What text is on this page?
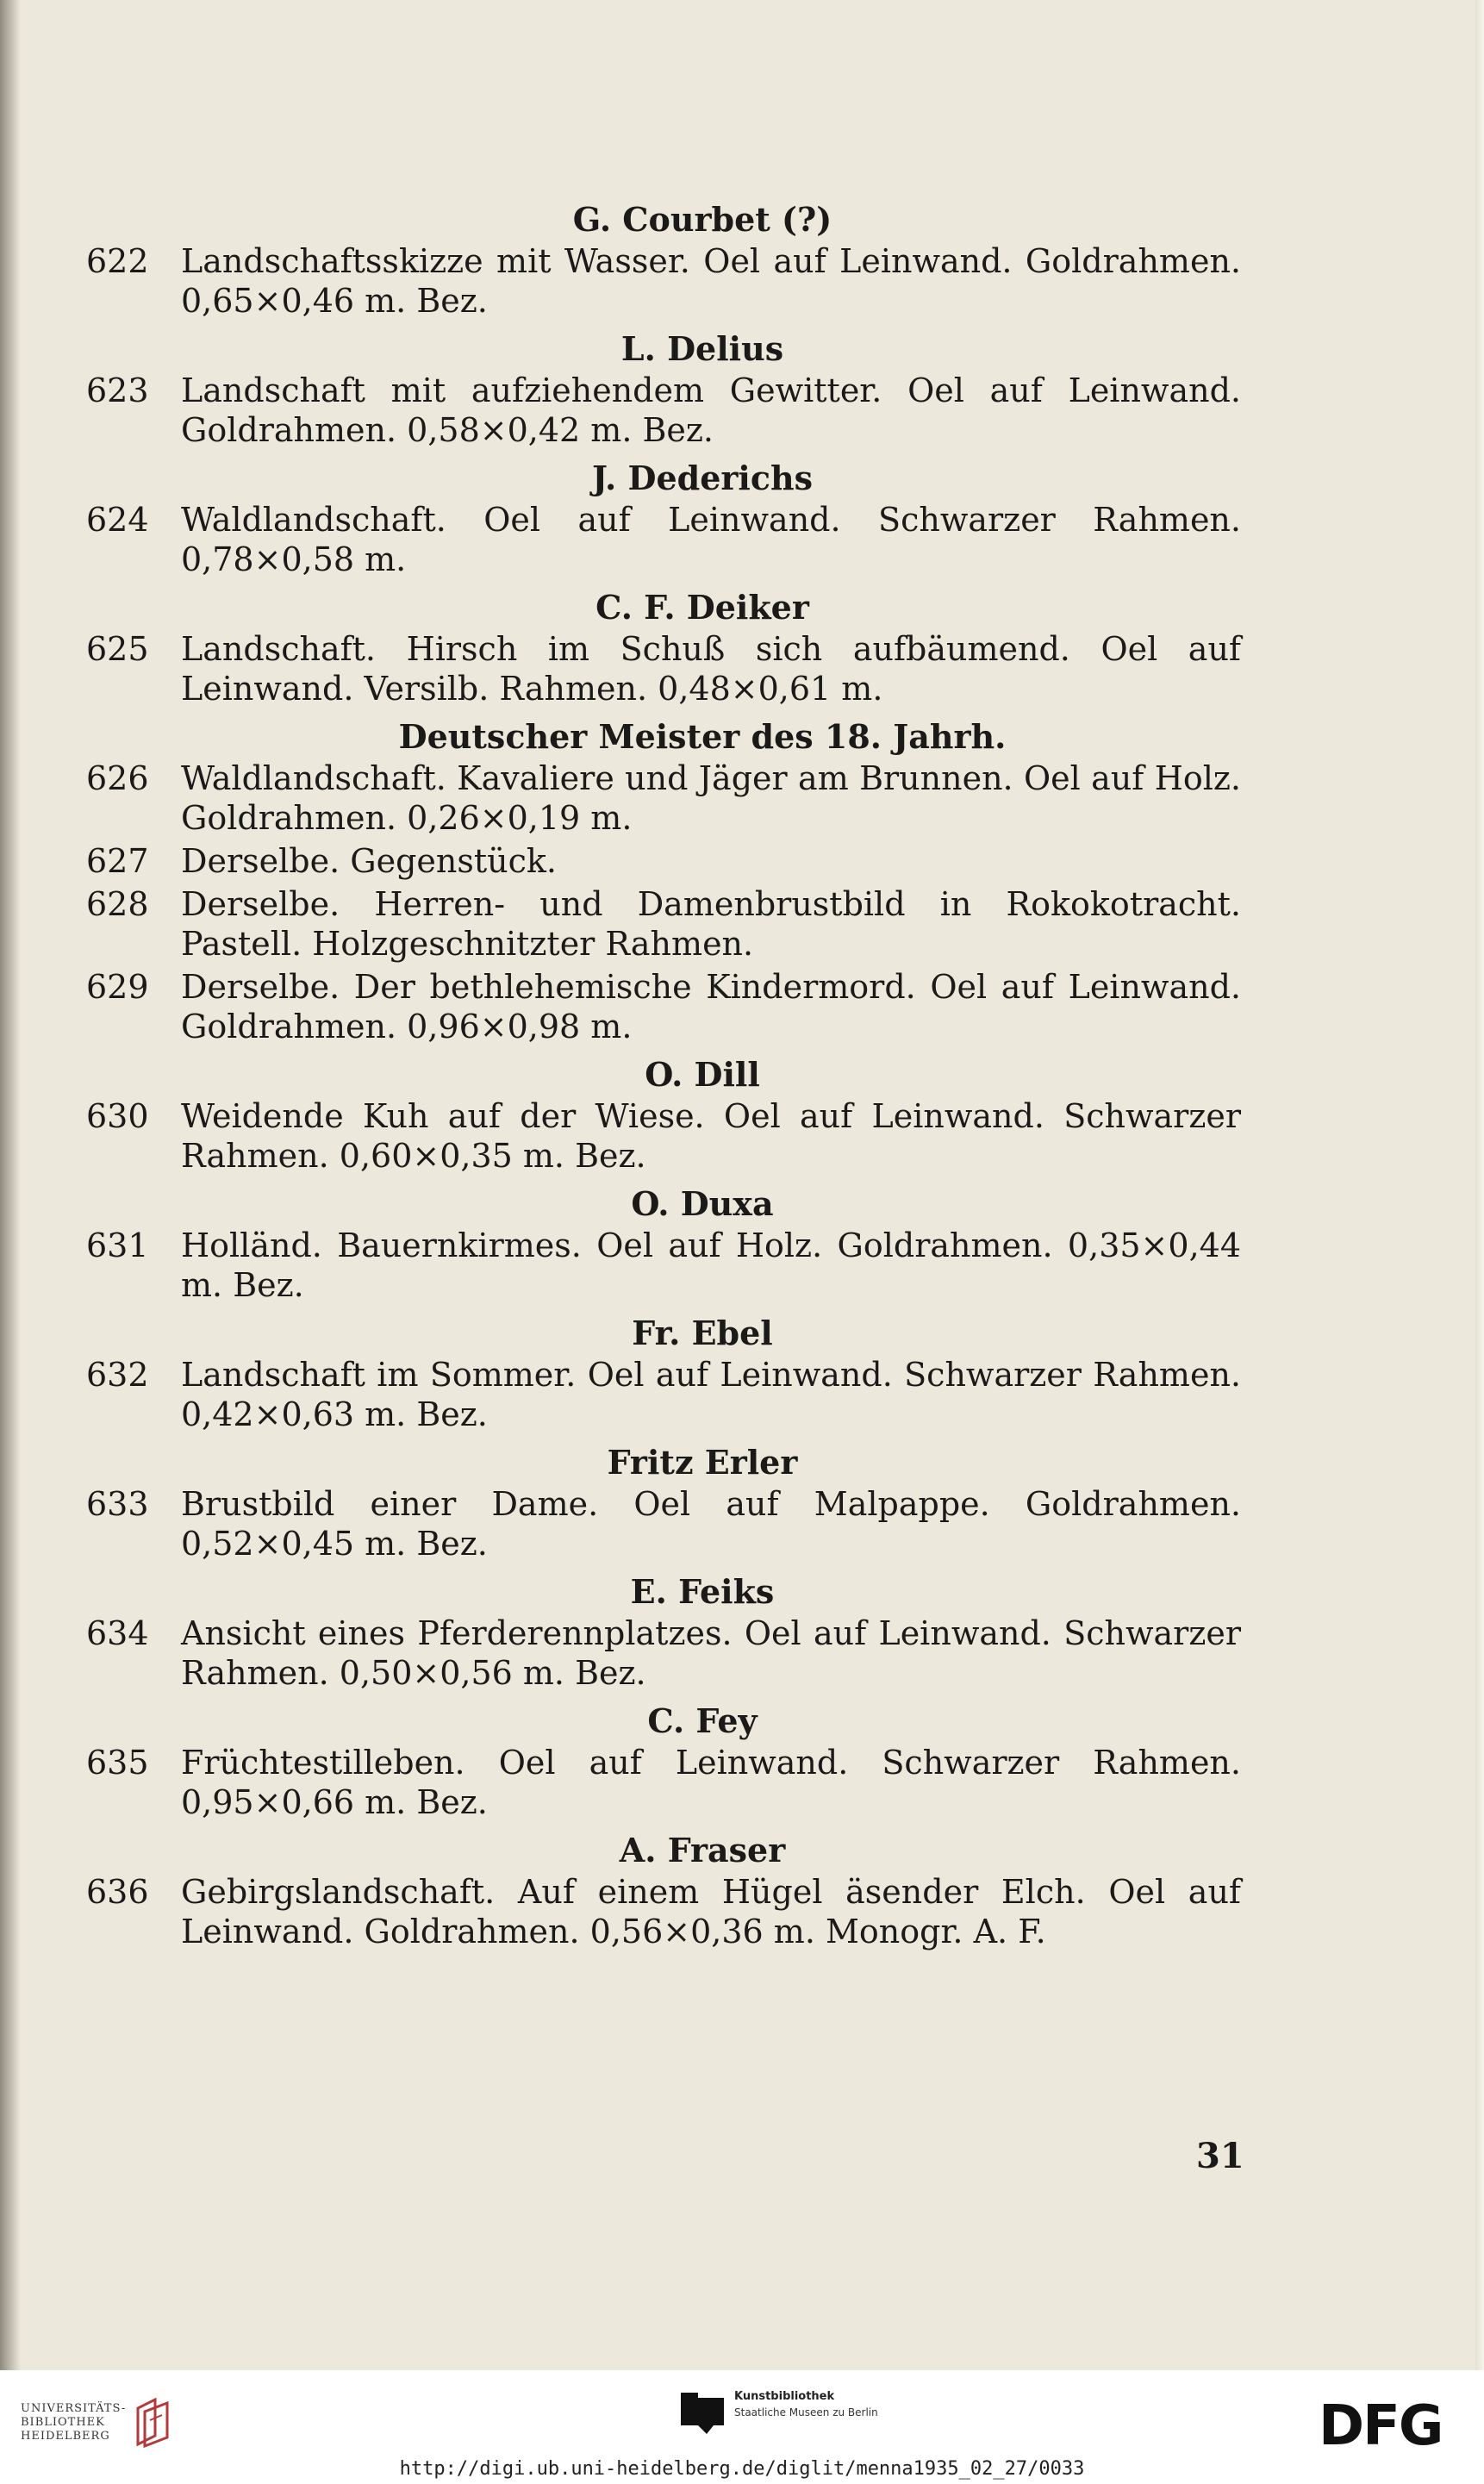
G. Courbet (?)
622 Landschaftsskizze mit Wasser. Oel auf Leinwand. Goldrahmen. 0,65×0,46 m. Bez.
L. Delius
623 Landschaft mit aufziehendem Gewitter. Oel auf Leinwand. Goldrahmen. 0,58×0,42 m. Bez.
J. Dederichs
624 Waldlandschaft. Oel auf Leinwand. Schwarzer Rahmen. 0,78×0,58 m.
C. F. Deiker
625 Landschaft. Hirsch im Schuß sich aufbäumend. Oel auf Leinwand. Versilb. Rahmen. 0,48×0,61 m.
Deutscher Meister des 18. Jahrh.
626 Waldlandschaft. Kavaliere und Jäger am Brunnen. Oel auf Holz. Goldrahmen. 0,26×0,19 m.
627 Derselbe. Gegenstück.
628 Derselbe. Herren- und Damenbrustbild in Rokokotracht. Pastell. Holzgeschnitzter Rahmen.
629 Derselbe. Der bethlehemische Kindermord. Oel auf Leinwand. Goldrahmen. 0,96×0,98 m.
O. Dill
630 Weidende Kuh auf der Wiese. Oel auf Leinwand. Schwarzer Rahmen. 0,60×0,35 m. Bez.
O. Duxa
631 Holländ. Bauernkirmes. Oel auf Holz. Goldrahmen. 0,35×0,44 m. Bez.
Fr. Ebel
632 Landschaft im Sommer. Oel auf Leinwand. Schwarzer Rahmen. 0,42×0,63 m. Bez.
Fritz Erler
633 Brustbild einer Dame. Oel auf Malpappe. Goldrahmen. 0,52×0,45 m. Bez.
E. Feiks
634 Ansicht eines Pferderennplatzes. Oel auf Leinwand. Schwarzer Rahmen. 0,50×0,56 m. Bez.
C. Fey
635 Früchtestilleben. Oel auf Leinwand. Schwarzer Rahmen. 0,95×0,66 m. Bez.
A. Fraser
636 Gebirgslandschaft. Auf einem Hügel äsender Elch. Oel auf Leinwand. Goldrahmen. 0,56×0,36 m. Monogr. A. F.
31
UNIVERSITÄTS-
BIBLIOTHEK
HEIDELBERG
Kunstbibliothek
Staatliche Museen zu Berlin	DFG
http://digi.ub.uni-heidelberg.de/diglit/menna1935_02_27/0033
